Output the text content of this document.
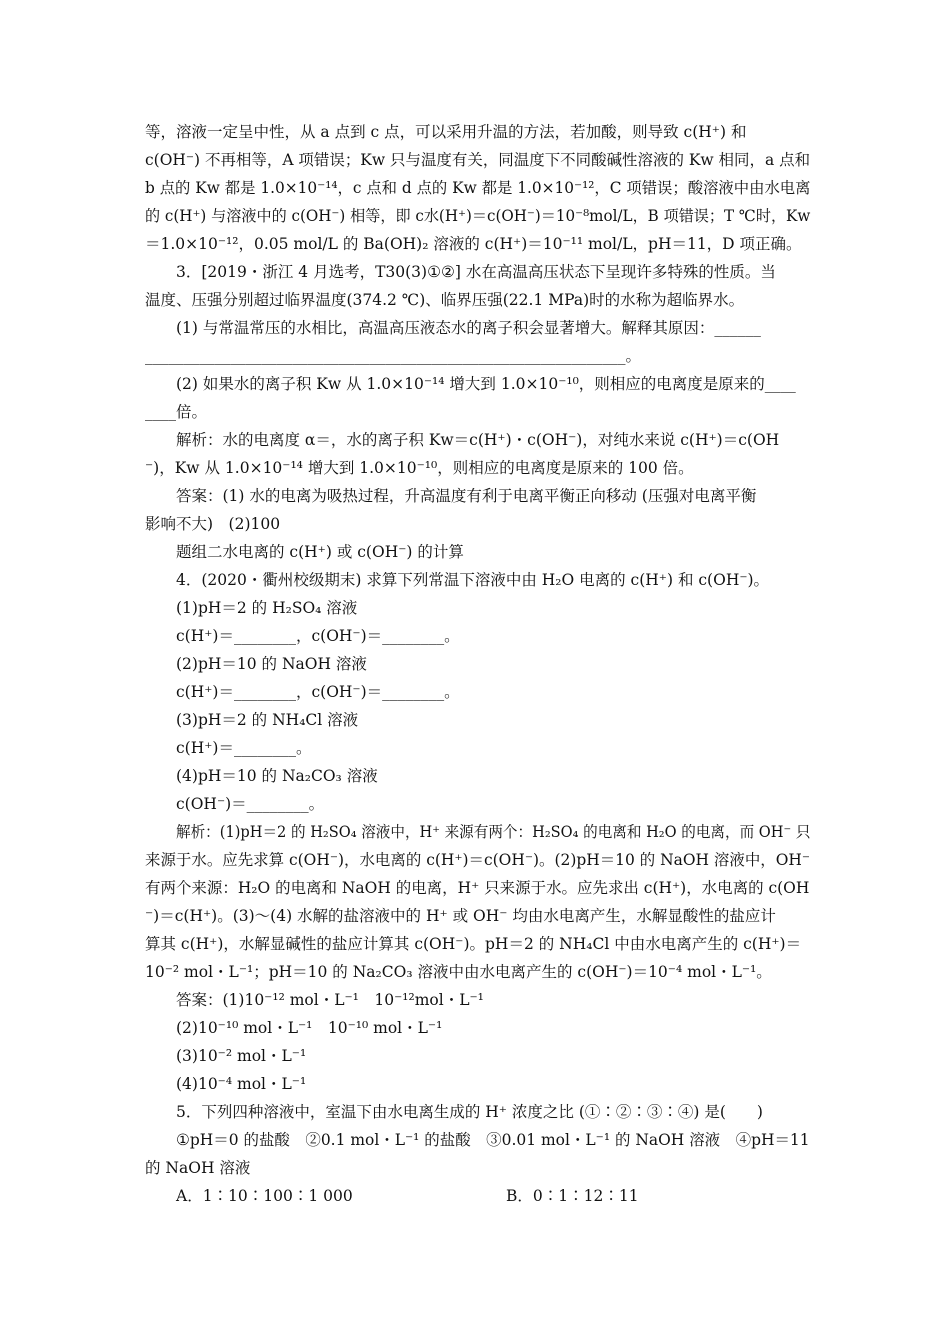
等，溶液一定呈中性，从 a 点到 c 点，可以采用升温的方法，若加酸，则导致 c(H⁺) 和
c(OH⁻) 不再相等，A 项错误；Kw 只与温度有关，同温度下不同酸碱性溶液的 Kw 相同，a 点和
b 点的 Kw 都是 1.0×10⁻¹⁴，c 点和 d 点的 Kw 都是 1.0×10⁻¹²，C 项错误；酸溶液中由水电离
的 c(H⁺) 与溶液中的 c(OH⁻) 相等，即 c水(H⁺)＝c(OH⁻)＝10⁻⁸mol/L，B 项错误；T ℃时，Kw
＝1.0×10⁻¹²，0.05 mol/L 的 Ba(OH)₂ 溶液的 c(H⁺)＝10⁻¹¹ mol/L，pH＝11，D 项正确。
3．[2019・浙江 4 月选考，T30(3)①②] 水在高温高压状态下呈现许多特殊的性质。当
温度、压强分别超过临界温度(374.2 ℃)、临界压强(22.1 MPa)时的水称为超临界水。
(1) 与常温常压的水相比，高温高压液态水的离子积会显著增大。解释其原因：______
______________________________________________________________。
(2) 如果水的离子积 Kw 从 1.0×10⁻¹⁴ 增大到 1.0×10⁻¹⁰，则相应的电离度是原来的____
____倍。
解析：水的电离度 α＝，水的离子积 Kw＝c(H⁺)・c(OH⁻)，对纯水来说 c(H⁺)＝c(OH
⁻)，Kw 从 1.0×10⁻¹⁴ 增大到 1.0×10⁻¹⁰，则相应的电离度是原来的 100 倍。
答案：(1) 水的电离为吸热过程，升高温度有利于电离平衡正向移动 (压强对电离平衡
影响不大)　(2)100
题组二水电离的 c(H⁺) 或 c(OH⁻) 的计算
4．(2020・衢州校级期末) 求算下列常温下溶液中由 H₂O 电离的 c(H⁺) 和 c(OH⁻)。
(1)pH＝2 的 H₂SO₄ 溶液
c(H⁺)＝________，c(OH⁻)＝________。
(2)pH＝10 的 NaOH 溶液
c(H⁺)＝________，c(OH⁻)＝________。
(3)pH＝2 的 NH₄Cl 溶液
c(H⁺)＝________。
(4)pH＝10 的 Na₂CO₃ 溶液
c(OH⁻)＝________。
解析：(1)pH＝2 的 H₂SO₄ 溶液中，H⁺ 来源有两个：H₂SO₄ 的电离和 H₂O 的电离，而 OH⁻ 只
来源于水。应先求算 c(OH⁻)，水电离的 c(H⁺)＝c(OH⁻)。(2)pH＝10 的 NaOH 溶液中，OH⁻
有两个来源：H₂O 的电离和 NaOH 的电离，H⁺ 只来源于水。应先求出 c(H⁺)，水电离的 c(OH
⁻)＝c(H⁺)。(3)～(4) 水解的盐溶液中的 H⁺ 或 OH⁻ 均由水电离产生，水解显酸性的盐应计
算其 c(H⁺)，水解显碱性的盐应计算其 c(OH⁻)。pH＝2 的 NH₄Cl 中由水电离产生的 c(H⁺)＝
10⁻² mol・L⁻¹；pH＝10 的 Na₂CO₃ 溶液中由水电离产生的 c(OH⁻)＝10⁻⁴ mol・L⁻¹。
答案：(1)10⁻¹² mol・L⁻¹　10⁻¹²mol・L⁻¹
(2)10⁻¹⁰ mol・L⁻¹　10⁻¹⁰ mol・L⁻¹
(3)10⁻² mol・L⁻¹
(4)10⁻⁴ mol・L⁻¹
5．下列四种溶液中，室温下由水电离生成的 H⁺ 浓度之比 (①∶②∶③∶④) 是(　　)
①pH＝0 的盐酸　②0.1 mol・L⁻¹ 的盐酸　③0.01 mol・L⁻¹ 的 NaOH 溶液　④pH＝11
的 NaOH 溶液
A．1∶10∶100∶1 000	B．0∶1∶12∶11
